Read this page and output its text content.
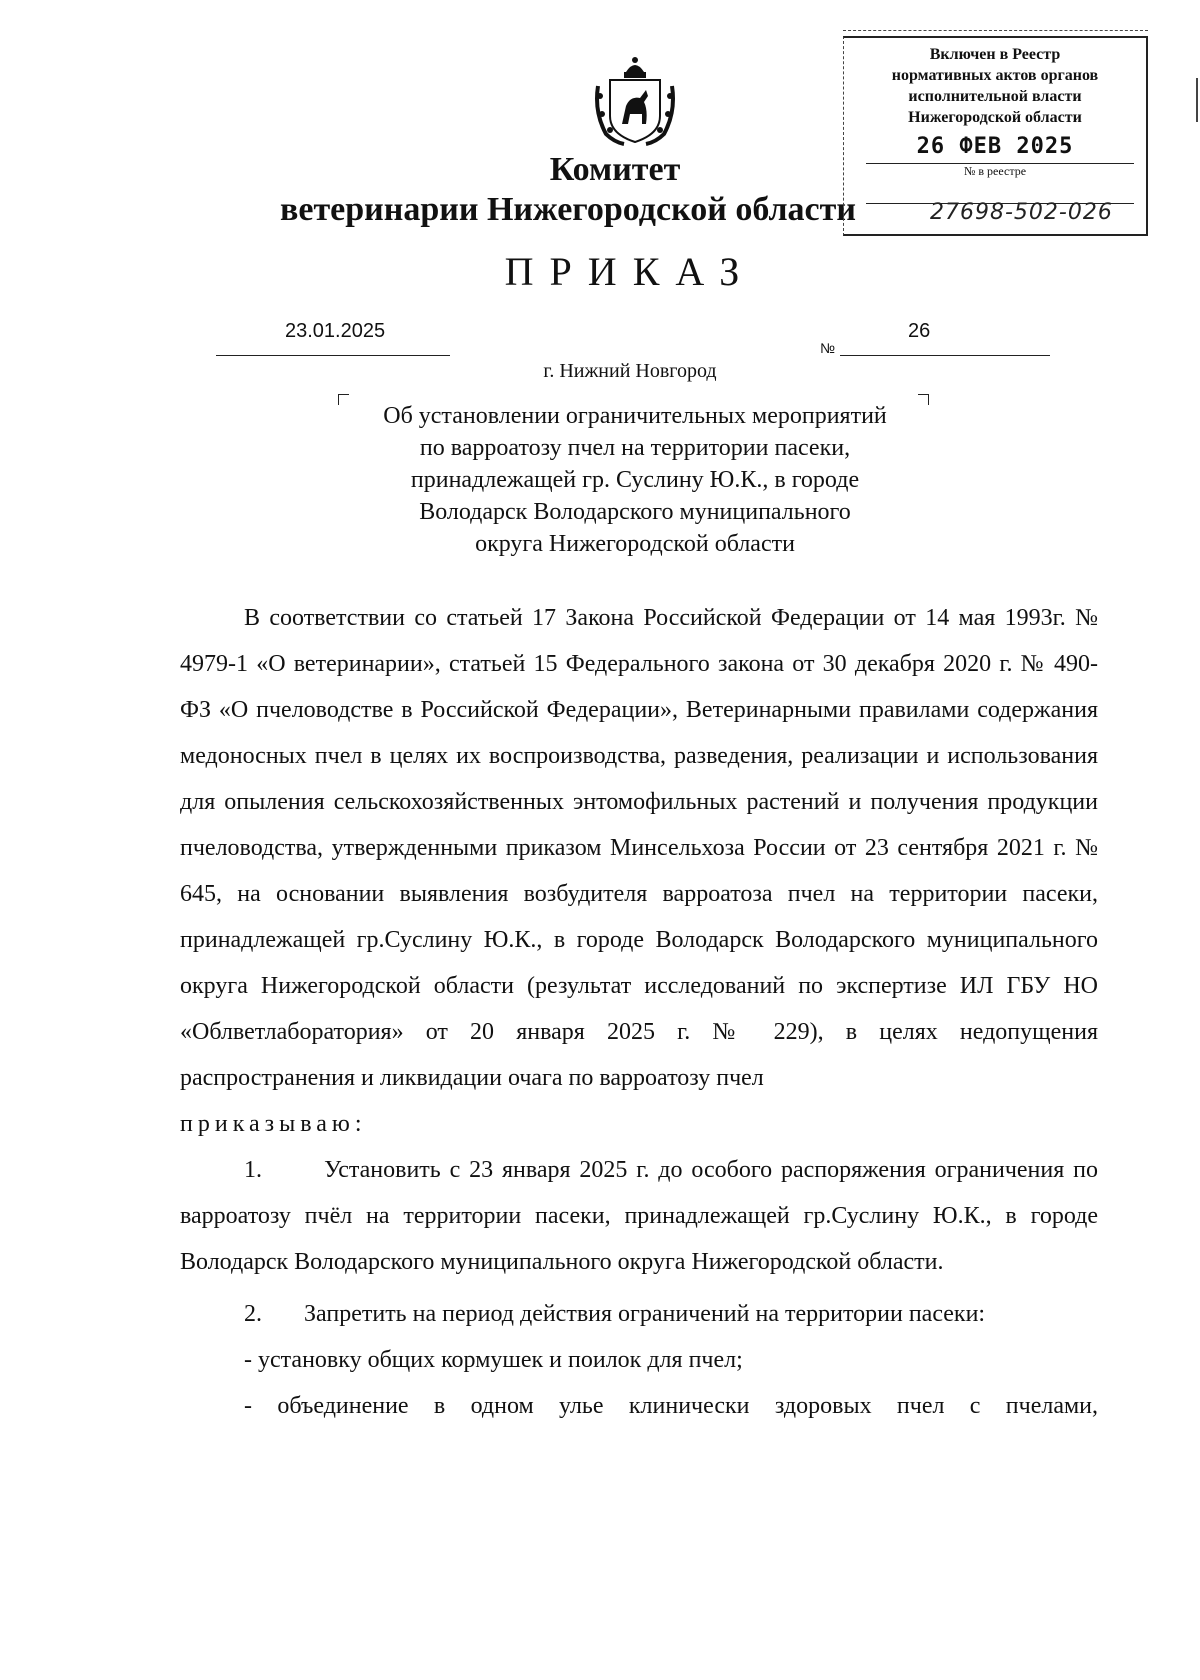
Комитет
ветеринарии Нижегородской области
ПРИКАЗ
23.01.2025
№
26
г. Нижний Новгород
Об установлении ограничительных мероприятий
по варроатозу пчел на территории пасеки,
принадлежащей гр. Суслину Ю.К., в городе
Володарск Володарского муниципального
округа Нижегородской области

В соответствии со статьей 17 Закона Российской Федерации от 14 мая 1993г. № 4979-1 «О ветеринарии», статьей 15 Федерального закона от 30 декабря 2020 г. № 490-ФЗ «О пчеловодстве в Российской Федерации», Ветеринарными правилами содержания медоносных пчел в целях их воспроизводства, разведения, реализации и использования для опыления сельскохозяйственных энтомофильных растений и получения продукции пчеловодства, утвержденными приказом Минсельхоза России от 23 сентября 2021 г. № 645, на основании выявления возбудителя варроатоза пчел на территории пасеки, принадлежащей гр.Суслину Ю.К., в городе Володарск Володарского муниципального округа Нижегородской области (результат исследований по экспертизе ИЛ ГБУ НО «Облветлаборатория» от 20 января 2025 г. № 229), в целях недопущения распространения и ликвидации очага по варроатозу пчел

приказываю:

1.	Установить с 23 января 2025 г. до особого распоряжения ограничения по варроатозу пчёл на территории пасеки, принадлежащей гр.Суслину Ю.К., в городе Володарск Володарского муниципального округа Нижегородской области.

2. Запретить на период действия ограничений на территории пасеки:

- установку общих кормушек и поилок для пчел;

- объединение в одном улье клинически здоровых пчел с пчелами,

Включен в Реестр
нормативных актов органов
исполнительной власти
Нижегородской области
26 ФЕВ 2025
№ в реестре
27698-502-026
